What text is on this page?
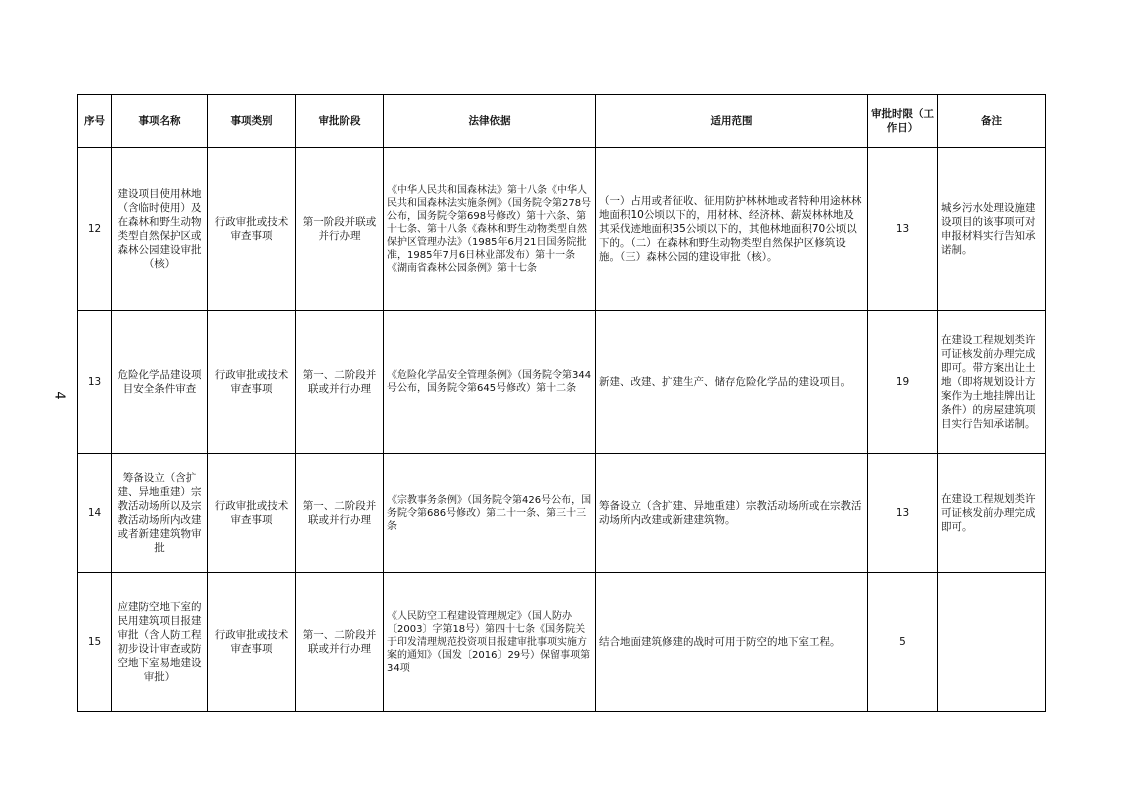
4
序号	事项名称	事项类别	审批阶段	法律依据	适用范围	审批时限（工作日）	备注
12	建设项目使用林地（含临时使用）及在森林和野生动物类型自然保护区或森林公园建设审批（核）	行政审批或技术审查事项	第一阶段并联或并行办理	《中华人民共和国森林法》第十八条《中华人民共和国森林法实施条例》（国务院令第278号公布，国务院令第698号修改）第十六条、第十七条、第十八条《森林和野生动物类型自然保护区管理办法》（1985年6月21日国务院批准，1985年7月6日林业部发布）第十一条《湖南省森林公园条例》第十七条	（一）占用或者征收、征用防护林林地或者特种用途林林地面积10公顷以下的，用材林、经济林、薪炭林林地及其采伐迹地面积35公顷以下的，其他林地面积70公顷以下的。（二）在森林和野生动物类型自然保护区修筑设施。（三）森林公园的建设审批（核）。	13	城乡污水处理设施建设项目的该事项可对申报材料实行告知承诺制。
13	危险化学品建设项目安全条件审查	行政审批或技术审查事项	第一、二阶段并联或并行办理	《危险化学品安全管理条例》（国务院令第344号公布，国务院令第645号修改）第十二条	新建、改建、扩建生产、储存危险化学品的建设项目。	19	在建设工程规划类许可证核发前办理完成即可。带方案出让土地（即将规划设计方案作为土地挂牌出让条件）的房屋建筑项目实行告知承诺制。
14	筹备设立（含扩建、异地重建）宗教活动场所以及宗教活动场所内改建或者新建建筑物审批	行政审批或技术审查事项	第一、二阶段并联或并行办理	《宗教事务条例》（国务院令第426号公布，国务院令第686号修改）第二十一条、第三十三条	筹备设立（含扩建、异地重建）宗教活动场所或在宗教活动场所内改建或新建建筑物。	13	在建设工程规划类许可证核发前办理完成即可。
15	应建防空地下室的民用建筑项目报建审批（含人防工程初步设计审查或防空地下室易地建设审批）	行政审批或技术审查事项	第一、二阶段并联或并行办理	《人民防空工程建设管理规定》（国人防办〔2003〕字第18号）第四十七条《国务院关于印发清理规范投资项目报建审批事项实施方案的通知》（国发〔2016〕29号）保留事项第34项	结合地面建筑修建的战时可用于防空的地下室工程。	5	
